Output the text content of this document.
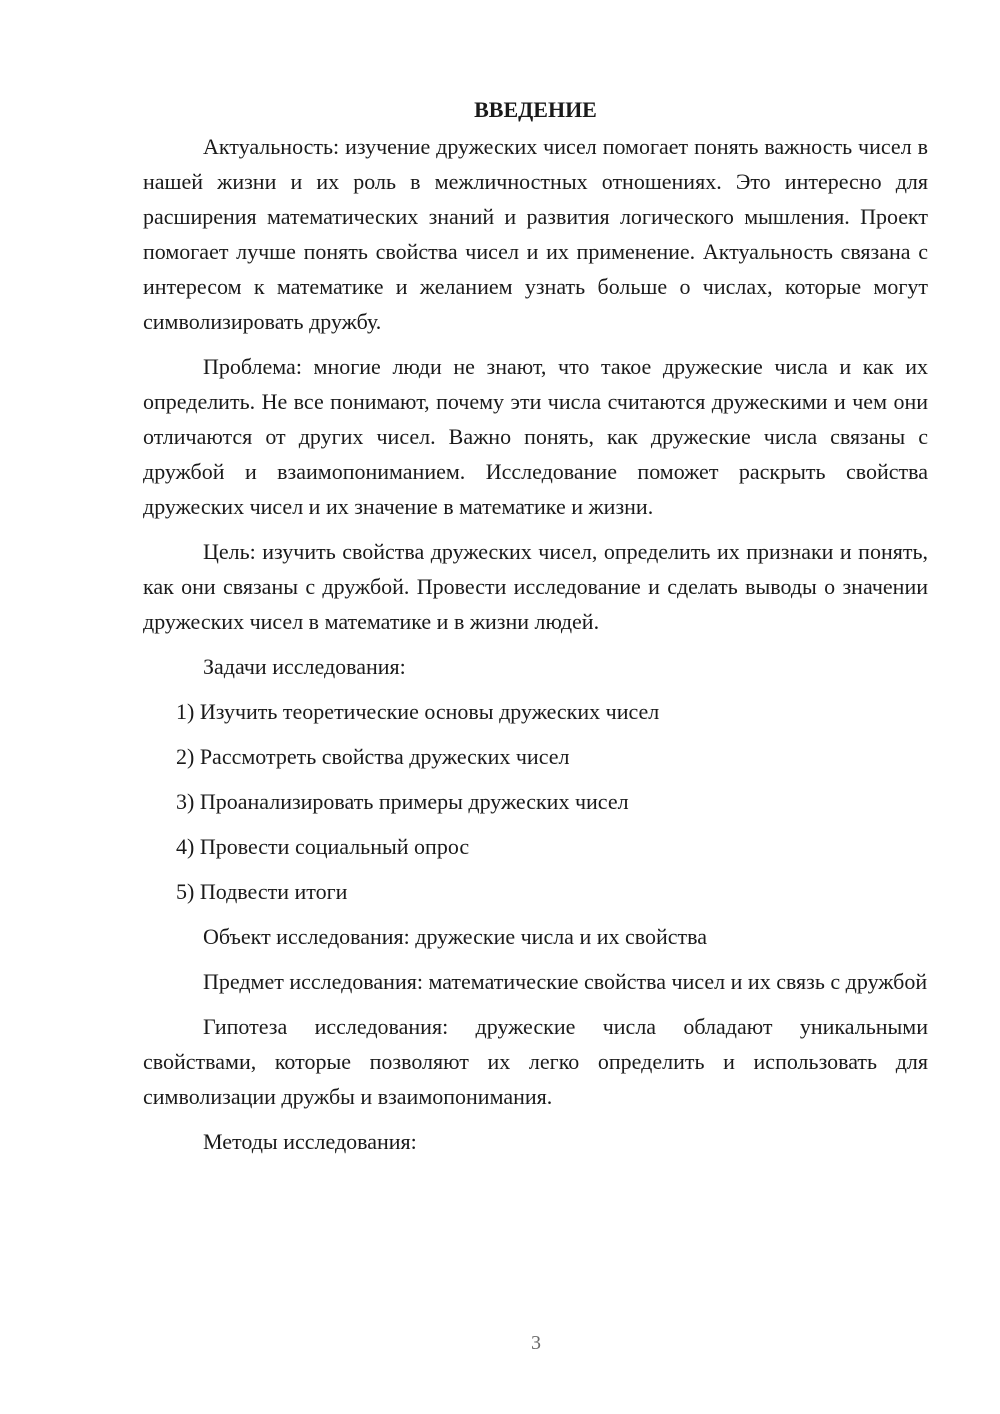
ВВЕДЕНИЕ

Актуальность: изучение дружеских чисел помогает понять важность чисел в нашей жизни и их роль в межличностных отношениях. Это интересно для расширения математических знаний и развития логического мышления. Проект помогает лучше понять свойства чисел и их применение. Актуальность связана с интересом к математике и желанием узнать больше о числах, которые могут символизировать дружбу.

Проблема: многие люди не знают, что такое дружеские числа и как их определить. Не все понимают, почему эти числа считаются дружескими и чем они отличаются от других чисел. Важно понять, как дружеские числа связаны с дружбой и взаимопониманием. Исследование поможет раскрыть свойства дружеских чисел и их значение в математике и жизни.

Цель: изучить свойства дружеских чисел, определить их признаки и понять, как они связаны с дружбой. Провести исследование и сделать выводы о значении дружеских чисел в математике и в жизни людей.

Задачи исследования:

1) Изучить теоретические основы дружеских чисел
2) Рассмотреть свойства дружеских чисел
3) Проанализировать примеры дружеских чисел
4) Провести социальный опрос
5) Подвести итоги

Объект исследования: дружеские числа и их свойства

Предмет исследования: математические свойства чисел и их связь с дружбой

Гипотеза исследования: дружеские числа обладают уникальными свойствами, которые позволяют их легко определить и использовать для символизации дружбы и взаимопонимания.

Методы исследования:

3
